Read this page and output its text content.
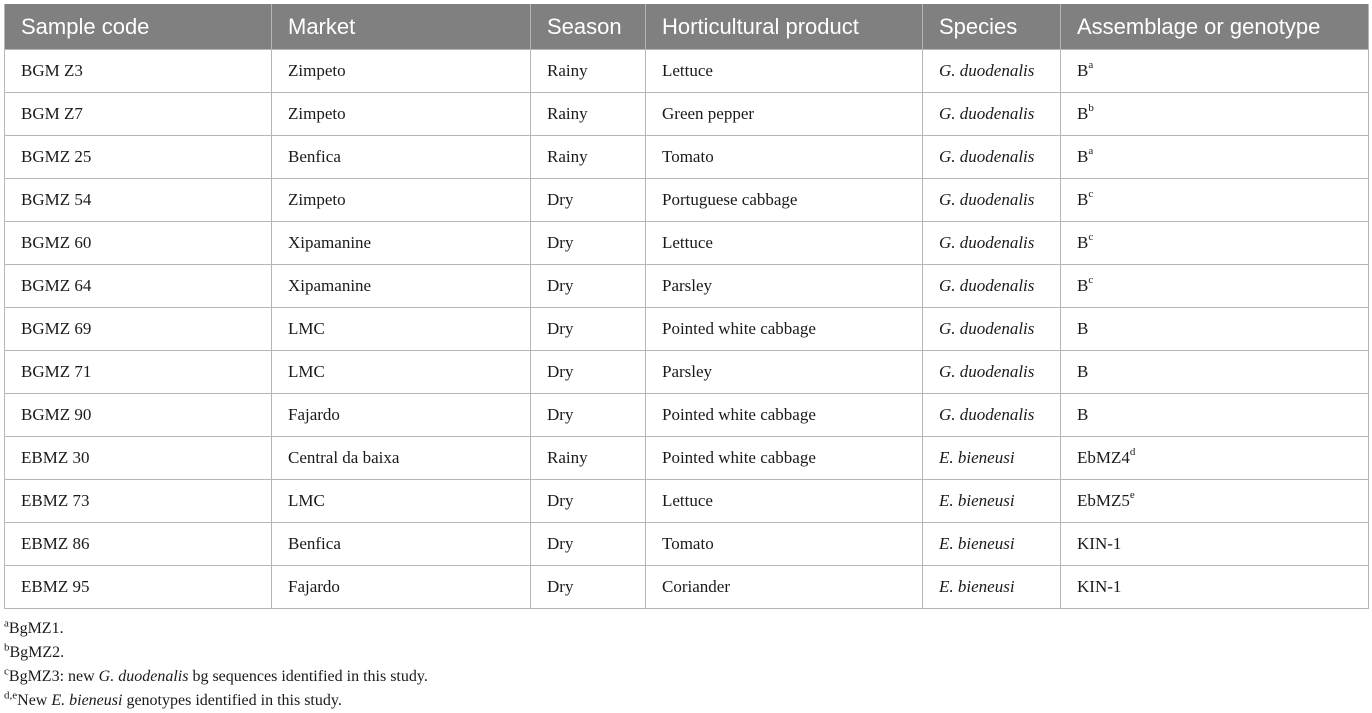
Sample code	Market	Season	Horticultural product	Species	Assemblage or genotype
BGM Z3	Zimpeto	Rainy	Lettuce	G. duodenalis	$B^a$
BGM Z7	Zimpeto	Rainy	Green pepper	G. duodenalis	$B^b$
BGMZ 25	Benfica	Rainy	Tomato	G. duodenalis	$B^a$
BGMZ 54	Zimpeto	Dry	Portuguese cabbage	G. duodenalis	$B^c$
BGMZ 60	Xipamanine	Dry	Lettuce	G. duodenalis	$B^c$
BGMZ 64	Xipamanine	Dry	Parsley	G. duodenalis	$B^c$
BGMZ 69	LMC	Dry	Pointed white cabbage	G. duodenalis	B
BGMZ 71	LMC	Dry	Parsley	G. duodenalis	B
BGMZ 90	Fajardo	Dry	Pointed white cabbage	G. duodenalis	B
EBMZ 30	Central da baixa	Rainy	Pointed white cabbage	E. bieneusi	EbMZ4$^d$
EBMZ 73	LMC	Dry	Lettuce	E. bieneusi	EbMZ5e
EBMZ 86	Benfica	Dry	Tomato	E. bieneusi	KIN-1
EBMZ 95	Fajardo	Dry	Coriander	E. bieneusi	KIN-1
$^a$BgMZ1.
$^b$BgMZ2.
$^c$BgMZ3: new G. duodenalis bg sequences identified in this study.
$^{d,e}$New E. bieneusi genotypes identified in this study.
